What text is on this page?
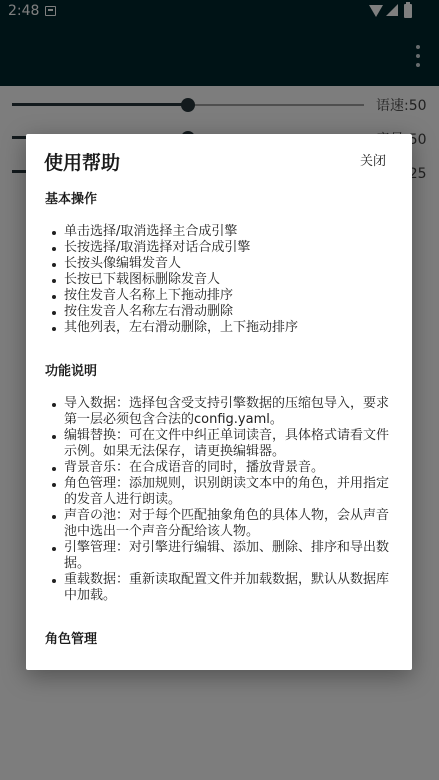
使用帮助	关闭
基本操作
单击选择/取消选择主合成引擎
长按选择/取消选择对话合成引擎
长按头像编辑发音人
长按已下载图标删除发音人
按住发音人名称上下拖动排序
按住发音人名称左右滑动删除
其他列表，左右滑动删除，上下拖动排序
功能说明
导入数据：选择包含受支持引擎数据的压缩包导入，要求第一层必须包含合法的config.yaml。
编辑替换：可在文件中纠正单词读音，具体格式请看文件示例。如果无法保存，请更换编辑器。
背景音乐：在合成语音的同时，播放背景音。
角色管理：添加规则，识别朗读文本中的角色，并用指定的发音人进行朗读。
声音の池：对于每个匹配抽象角色的具体人物，会从声音池中选出一个声音分配给该人物。
引擎管理：对引擎进行编辑、添加、删除、排序和导出数据。
重载数据：重新读取配置文件并加载数据，默认从数据库中加载。
角色管理
